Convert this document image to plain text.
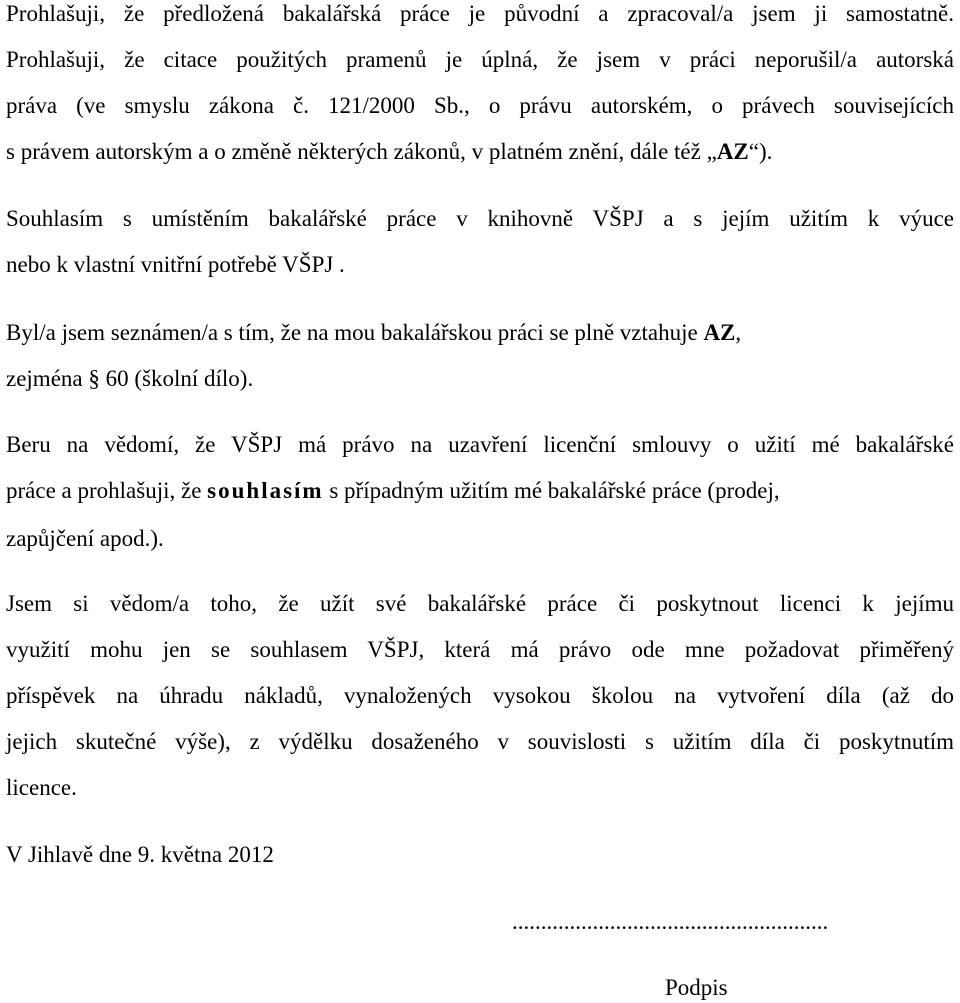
Prohlašuji, že předložená bakalářská práce je původní a zpracoval/a jsem ji samostatně.
Prohlašuji, že citace použitých pramenů je úplná, že jsem v práci neporušil/a autorská
práva (ve smyslu zákona č. 121/2000 Sb., o právu autorském, o právech souvisejících
s právem autorským a o změně některých zákonů, v platném znění, dále též „AZ“).
Souhlasím s umístěním bakalářské práce v knihovně VŠPJ a s jejím užitím k výuce
nebo k vlastní vnitřní potřebě VŠPJ .
Byl/a jsem seznámen/a s tím, že na mou bakalářskou práci se plně vztahuje AZ,
zejména § 60 (školní dílo).
Beru na vědomí, že VŠPJ má právo na uzavření licenční smlouvy o užití mé bakalářské
práce a prohlašuji, že souhlasím s případným užitím mé bakalářské práce (prodej,
zapůjčení apod.).
Jsem si vědom/a toho, že užít své bakalářské práce či poskytnout licenci k jejímu
využití mohu jen se souhlasem VŠPJ, která má právo ode mne požadovat přiměřený
příspěvek na úhradu nákladů, vynaložených vysokou školou na vytvoření díla (až do
jejich skutečné výše), z výdělku dosaženého v souvislosti s užitím díla či poskytnutím
licence.
V Jihlavě dne 9. května 2012
.......................................................
Podpis
